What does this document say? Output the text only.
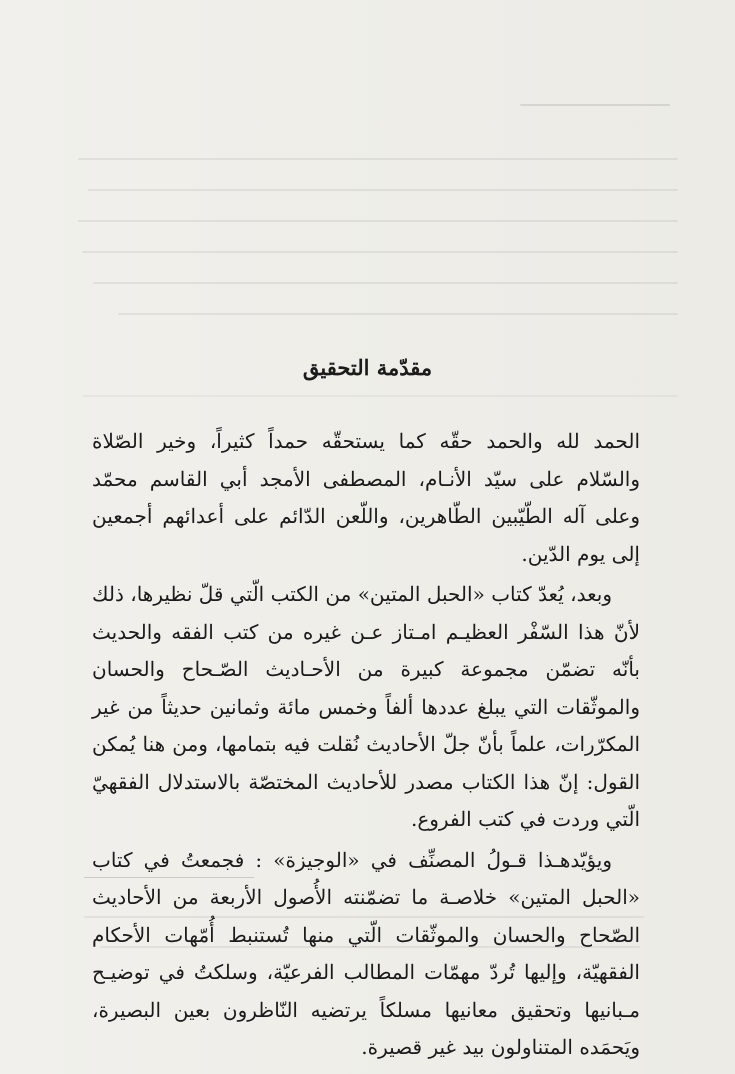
مقدّمة التحقيق

الحمد لله والحمد حقّه كما يستحقّه حمداً كثيراً، وخير الصّلاة والسّلام على سيّد الأنـام، المصطفى الأمجد أبي القاسم محمّد وعلى آله الطّيّبين الطّاهرين، واللّعن الدّائم على أعدائهم أجمعين إلى يوم الدّين.

وبعد، يُعدّ كتاب «الحبل المتين» من الكتب الّتي قلّ نظيرها، ذلك لأنّ هذا السّفْر العظيـم امـتاز عـن غيره من كتب الفقه والحديث بأنّه تضمّن مجموعة كبيرة من الأحـاديث الصّـحاح والحسان والموثّقات التي يبلغ عددها ألفاً وخمس مائة وثمانين حديثاً من غير المكرّرات، علماً بأنّ جلّ الأحاديث نُقلت فيه بتمامها، ومن هنا يُمكن القول: إنّ هذا الكتاب مصدر للأحاديث المختصّة بالاستدلال الفقهيّ الّتي وردت في كتب الفروع.

ويؤيّدهـذا قـولُ المصنِّف في «الوجيزة» : فجمعتُ في كتاب «الحبل المتين» خلاصـة ما تضمّنته الأُصول الأربعة من الأحاديث الصّحاح والحسان والموثّقات الّتي منها تُستنبط أُمّهات الأحكام الفقهيّة، وإليها تُردّ مهمّات المطالب الفرعيّة، وسلكتُ في توضيـح مـبانيها وتحقيق معانيها مسلكاً يرتضيه النّاظرون بعين البصيرة، ويَحمَده المتناولون بيد غير قصيرة.
